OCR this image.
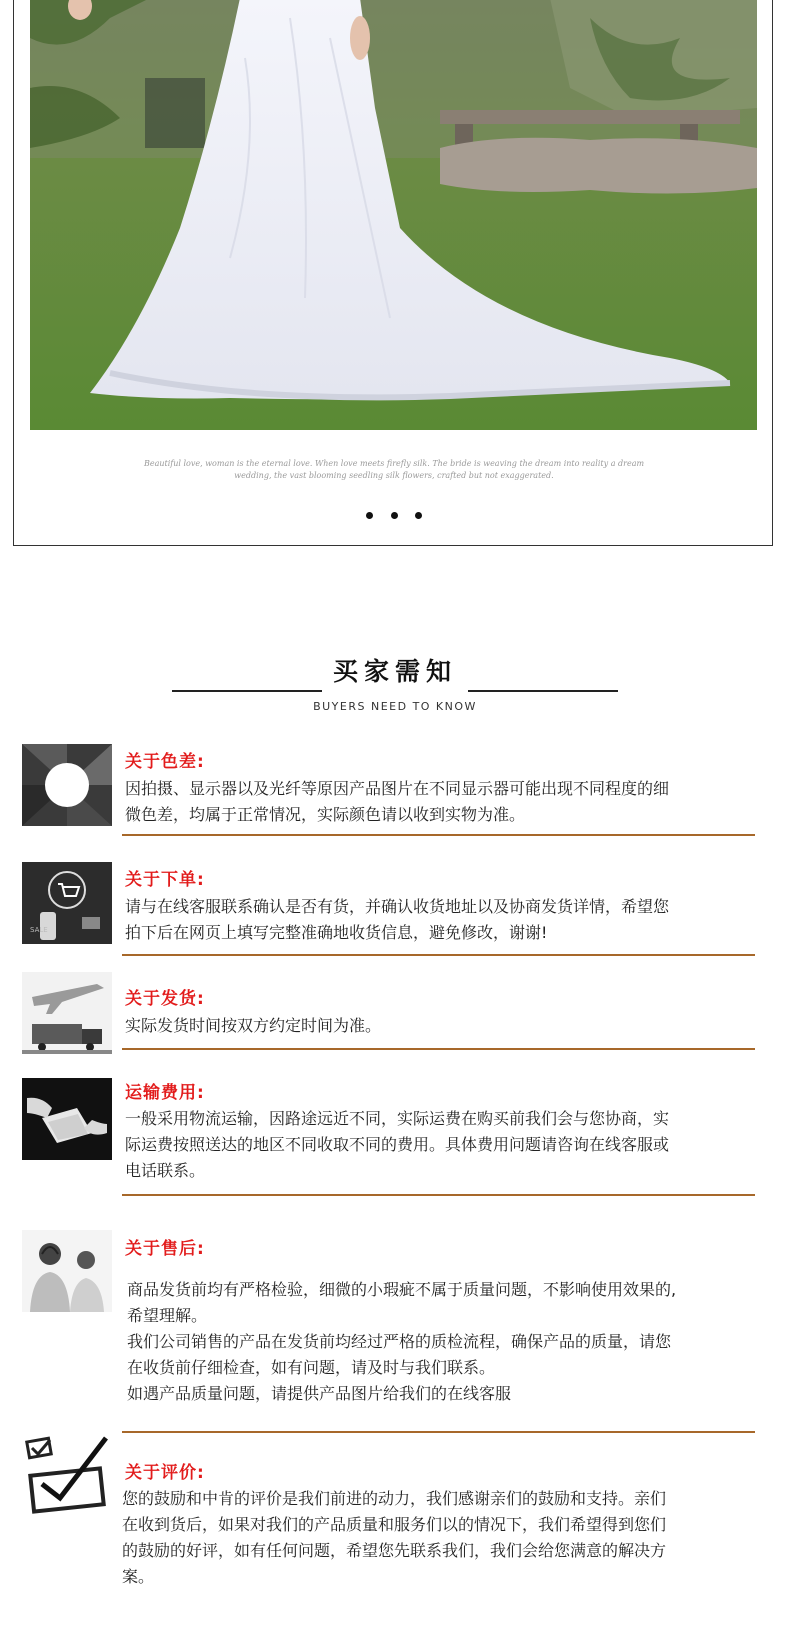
Beautiful love, woman is the eternal love. When love meets firefly silk. The bride is weaving the dream into reality a dream
wedding, the vast blooming seedling silk flowers, crafted but not exaggerated.

买家需知
BUYERS NEED TO KNOW
关于色差:
因拍摄、显示器以及光纤等原因产品图片在不同显示器可能出现不同程度的细
微色差，均属于正常情况，实际颜色请以收到实物为准。
SALE
关于下单:
请与在线客服联系确认是否有货，并确认收货地址以及协商发货详情，希望您
拍下后在网页上填写完整准确地收货信息，避免修改，谢谢!
关于发货:
实际发货时间按双方约定时间为准。
运输费用:
一般采用物流运输，因路途远近不同，实际运费在购买前我们会与您协商，实
际运费按照送达的地区不同收取不同的费用。具体费用问题请咨询在线客服或
电话联系。
关于售后:
商品发货前均有严格检验，细微的小瑕疵不属于质量问题，不影响使用效果的,
希望理解。
我们公司销售的产品在发货前均经过严格的质检流程，确保产品的质量，请您
在收货前仔细检查，如有问题，请及时与我们联系。
如遇产品质量问题，请提供产品图片给我们的在线客服
关于评价:
您的鼓励和中肯的评价是我们前进的动力，我们感谢亲们的鼓励和支持。亲们
在收到货后，如果对我们的产品质量和服务们以的情况下，我们希望得到您们
的鼓励的好评，如有任何问题，希望您先联系我们，我们会给您满意的解决方
案。
